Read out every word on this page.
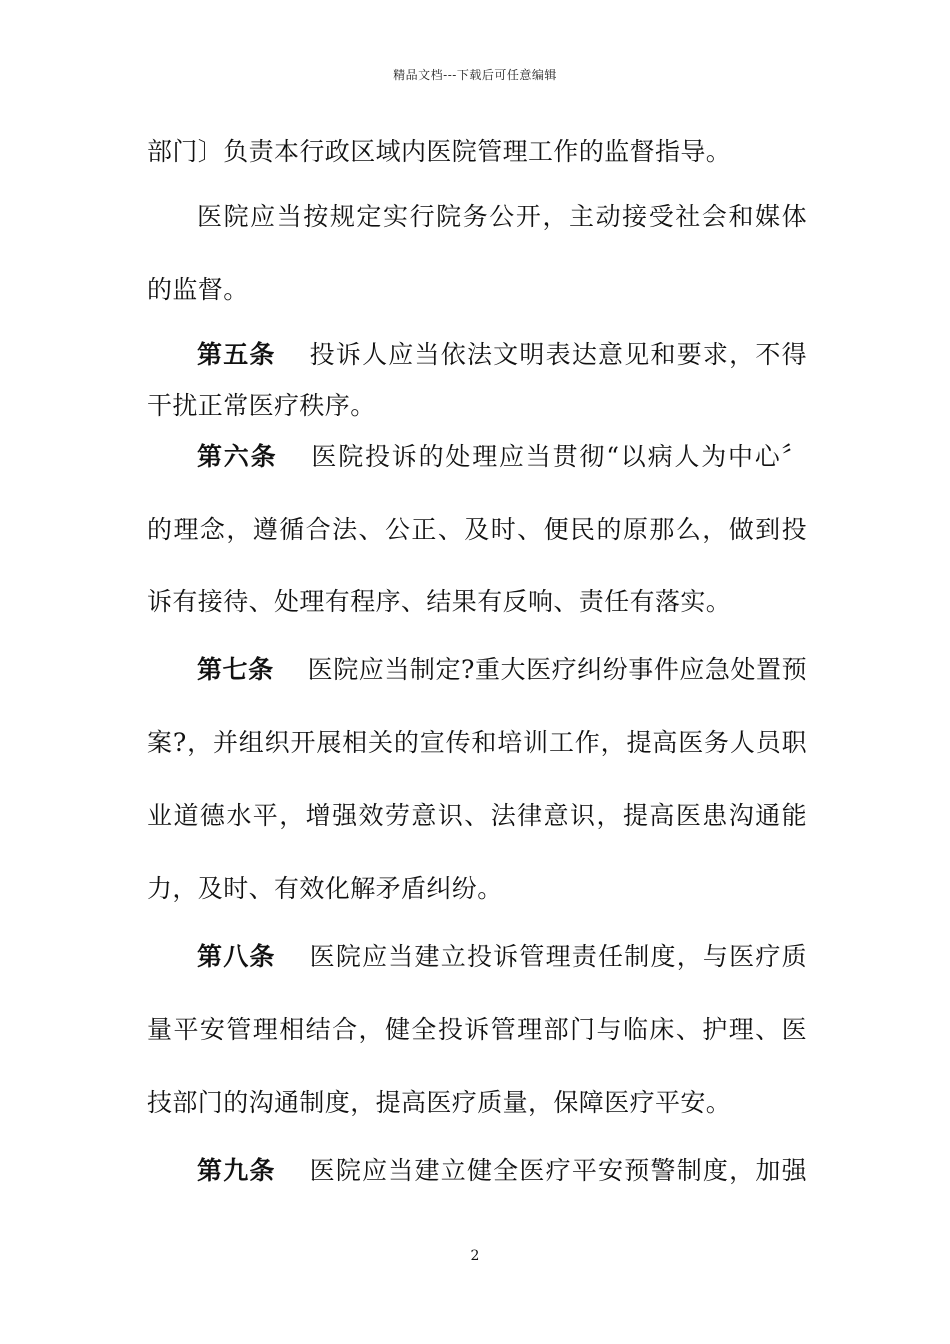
精品文档---下载后可任意编辑
部门〕负责本行政区域内医院管理工作的监督指导。
医院应当按规定实行院务公开，主动接受社会和媒体
的监督。
第五条 投诉人应当依法文明表达意见和要求，不得
干扰正常医疗秩序。
第六条 医院投诉的处理应当贯彻“以病人为中心〞
的理念，遵循合法、公正、及时、便民的原那么，做到投
诉有接待、处理有程序、结果有反响、责任有落实。
第七条 医院应当制定?重大医疗纠纷事件应急处置预
案?，并组织开展相关的宣传和培训工作，提高医务人员职
业道德水平，增强效劳意识、法律意识，提高医患沟通能
力，及时、有效化解矛盾纠纷。
第八条 医院应当建立投诉管理责任制度，与医疗质
量平安管理相结合，健全投诉管理部门与临床、护理、医
技部门的沟通制度，提高医疗质量，保障医疗平安。
第九条 医院应当建立健全医疗平安预警制度，加强
2
